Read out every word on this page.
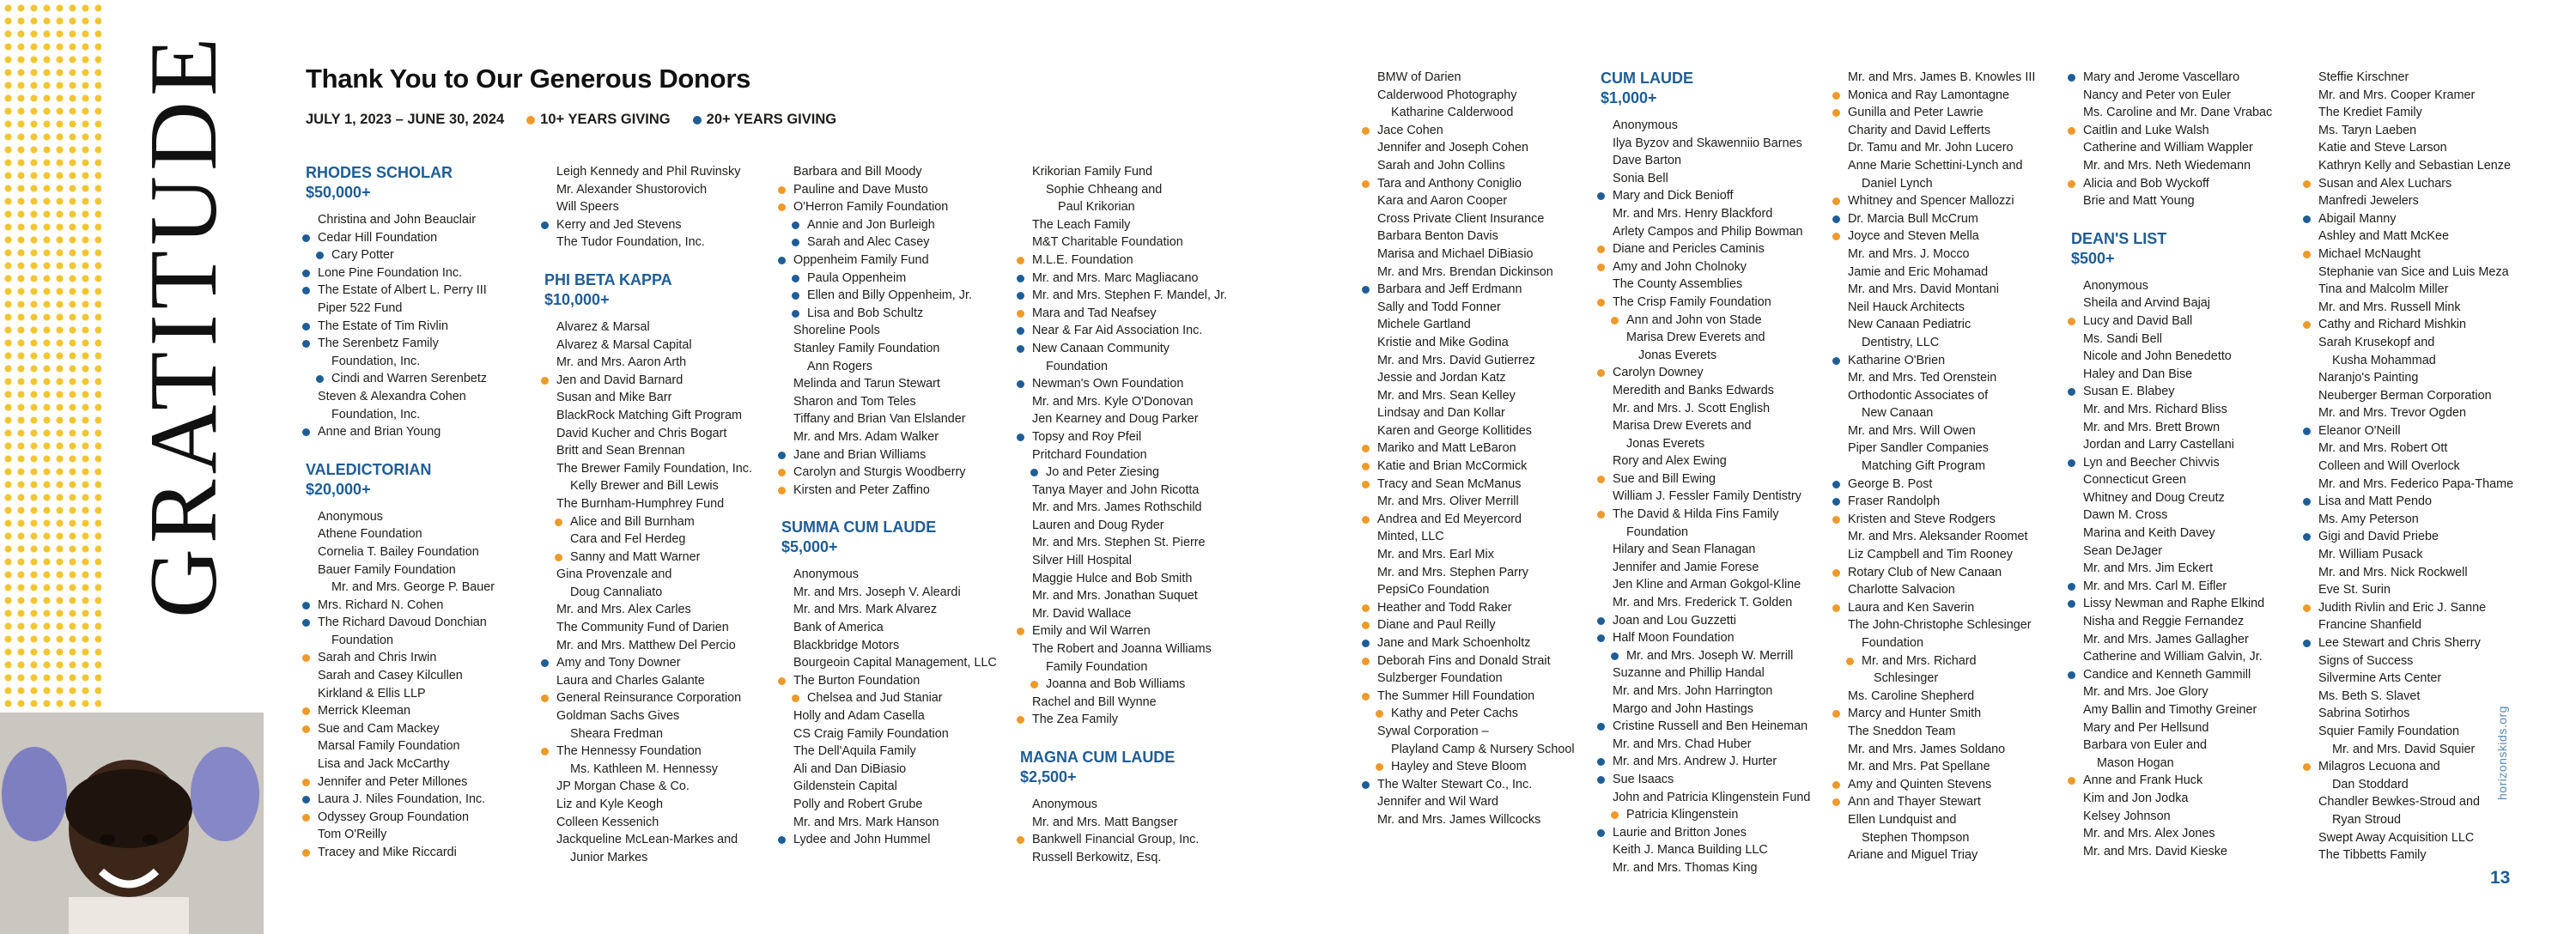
GRATITUDE	Thank You to Our Generous Donors
JULY 1, 2023 – JUNE 30, 2024	10+ YEARS GIVING	20+ YEARS GIVING
RHODES SCHOLAR
$50,000+
Christina and John Beauclair
Cedar Hill Foundation
Cary Potter
Lone Pine Foundation Inc.
The Estate of Albert L. Perry III
Piper 522 Fund
The Estate of Tim Rivlin
The Serenbetz Family
Foundation, Inc.
Cindi and Warren Serenbetz
Steven & Alexandra Cohen
Foundation, Inc.
Anne and Brian Young
VALEDICTORIAN
$20,000+
Anonymous
Athene Foundation
Cornelia T. Bailey Foundation
Bauer Family Foundation
Mr. and Mrs. George P. Bauer
Mrs. Richard N. Cohen
The Richard Davoud Donchian
Foundation
Sarah and Chris Irwin
Sarah and Casey Kilcullen
Kirkland & Ellis LLP
Merrick Kleeman
Sue and Cam Mackey
Marsal Family Foundation
Lisa and Jack McCarthy
Jennifer and Peter Millones
Laura J. Niles Foundation, Inc.
Odyssey Group Foundation
Tom O'Reilly
Tracey and Mike Riccardi
Leigh Kennedy and Phil Ruvinsky
Mr. Alexander Shustorovich
Will Speers
Kerry and Jed Stevens
The Tudor Foundation, Inc.
PHI BETA KAPPA
$10,000+
Alvarez & Marsal
Alvarez & Marsal Capital
Mr. and Mrs. Aaron Arth
Jen and David Barnard
Susan and Mike Barr
BlackRock Matching Gift Program
David Kucher and Chris Bogart
Britt and Sean Brennan
The Brewer Family Foundation, Inc.
Kelly Brewer and Bill Lewis
The Burnham-Humphrey Fund
Alice and Bill Burnham
Cara and Fel Herdeg
Sanny and Matt Warner
Gina Provenzale and
Doug Cannaliato
Mr. and Mrs. Alex Carles
The Community Fund of Darien
Mr. and Mrs. Matthew Del Percio
Amy and Tony Downer
Laura and Charles Galante
General Reinsurance Corporation
Goldman Sachs Gives
Sheara Fredman
The Hennessy Foundation
Ms. Kathleen M. Hennessy
JP Morgan Chase & Co.
Liz and Kyle Keogh
Colleen Kessenich
Jackqueline McLean-Markes and
Junior Markes
Barbara and Bill Moody
Pauline and Dave Musto
O'Herron Family Foundation
Annie and Jon Burleigh
Sarah and Alec Casey
Oppenheim Family Fund
Paula Oppenheim
Ellen and Billy Oppenheim, Jr.
Lisa and Bob Schultz
Shoreline Pools
Stanley Family Foundation
Ann Rogers
Melinda and Tarun Stewart
Sharon and Tom Teles
Tiffany and Brian Van Elslander
Mr. and Mrs. Adam Walker
Jane and Brian Williams
Carolyn and Sturgis Woodberry
Kirsten and Peter Zaffino
SUMMA CUM LAUDE
$5,000+
Anonymous
Mr. and Mrs. Joseph V. Aleardi
Mr. and Mrs. Mark Alvarez
Bank of America
Blackbridge Motors
Bourgeoin Capital Management, LLC
The Burton Foundation
Chelsea and Jud Staniar
Holly and Adam Casella
CS Craig Family Foundation
The Dell'Aquila Family
Ali and Dan DiBiasio
Gildenstein Capital
Polly and Robert Grube
Mr. and Mrs. Mark Hanson
Lydee and John Hummel
Krikorian Family Fund
Sophie Chheang and
Paul Krikorian
The Leach Family
M&T Charitable Foundation
M.L.E. Foundation
Mr. and Mrs. Marc Magliacano
Mr. and Mrs. Stephen F. Mandel, Jr.
Mara and Tad Neafsey
Near & Far Aid Association Inc.
New Canaan Community
Foundation
Newman's Own Foundation
Mr. and Mrs. Kyle O'Donovan
Jen Kearney and Doug Parker
Topsy and Roy Pfeil
Pritchard Foundation
Jo and Peter Ziesing
Tanya Mayer and John Ricotta
Mr. and Mrs. James Rothschild
Lauren and Doug Ryder
Mr. and Mrs. Stephen St. Pierre
Silver Hill Hospital
Maggie Hulce and Bob Smith
Mr. and Mrs. Jonathan Suquet
Mr. David Wallace
Emily and Wil Warren
The Robert and Joanna Williams
Family Foundation
Joanna and Bob Williams
Rachel and Bill Wynne
The Zea Family
MAGNA CUM LAUDE
$2,500+
Anonymous
Mr. and Mrs. Matt Bangser
Bankwell Financial Group, Inc.
Russell Berkowitz, Esq.
BMW of Darien
Calderwood Photography
Katharine Calderwood
Jace Cohen
Jennifer and Joseph Cohen
Sarah and John Collins
Tara and Anthony Coniglio
Kara and Aaron Cooper
Cross Private Client Insurance
Barbara Benton Davis
Marisa and Michael DiBiasio
Mr. and Mrs. Brendan Dickinson
Barbara and Jeff Erdmann
Sally and Todd Fonner
Michele Gartland
Kristie and Mike Godina
Mr. and Mrs. David Gutierrez
Jessie and Jordan Katz
Mr. and Mrs. Sean Kelley
Lindsay and Dan Kollar
Karen and George Kollitides
Mariko and Matt LeBaron
Katie and Brian McCormick
Tracy and Sean McManus
Mr. and Mrs. Oliver Merrill
Andrea and Ed Meyercord
Minted, LLC
Mr. and Mrs. Earl Mix
Mr. and Mrs. Stephen Parry
PepsiCo Foundation
Heather and Todd Raker
Diane and Paul Reilly
Jane and Mark Schoenholtz
Deborah Fins and Donald Strait
Sulzberger Foundation
The Summer Hill Foundation
Kathy and Peter Cachs
Sywal Corporation –
Playland Camp & Nursery School
Hayley and Steve Bloom
The Walter Stewart Co., Inc.
Jennifer and Wil Ward
Mr. and Mrs. James Willcocks
CUM LAUDE
$1,000+
Anonymous
Ilya Byzov and Skawenniio Barnes
Dave Barton
Sonia Bell
Mary and Dick Benioff
Mr. and Mrs. Henry Blackford
Arlety Campos and Philip Bowman
Diane and Pericles Caminis
Amy and John Cholnoky
The County Assemblies
The Crisp Family Foundation
Ann and John von Stade
Marisa Drew Everets and
Jonas Everets
Carolyn Downey
Meredith and Banks Edwards
Mr. and Mrs. J. Scott English
Marisa Drew Everets and
Jonas Everets
Rory and Alex Ewing
Sue and Bill Ewing
William J. Fessler Family Dentistry
The David & Hilda Fins Family
Foundation
Hilary and Sean Flanagan
Jennifer and Jamie Forese
Jen Kline and Arman Gokgol-Kline
Mr. and Mrs. Frederick T. Golden
Joan and Lou Guzzetti
Half Moon Foundation
Mr. and Mrs. Joseph W. Merrill
Suzanne and Phillip Handal
Mr. and Mrs. John Harrington
Margo and John Hastings
Cristine Russell and Ben Heineman
Mr. and Mrs. Chad Huber
Mr. and Mrs. Andrew J. Hurter
Sue Isaacs
John and Patricia Klingenstein Fund
Patricia Klingenstein
Laurie and Britton Jones
Keith J. Manca Building LLC
Mr. and Mrs. Thomas King
Mr. and Mrs. James B. Knowles III
Monica and Ray Lamontagne
Gunilla and Peter Lawrie
Charity and David Lefferts
Dr. Tamu and Mr. John Lucero
Anne Marie Schettini-Lynch and
Daniel Lynch
Whitney and Spencer Mallozzi
Dr. Marcia Bull McCrum
Joyce and Steven Mella
Mr. and Mrs. J. Mocco
Jamie and Eric Mohamad
Mr. and Mrs. David Montani
Neil Hauck Architects
New Canaan Pediatric
Dentistry, LLC
Katharine O'Brien
Mr. and Mrs. Ted Orenstein
Orthodontic Associates of
New Canaan
Mr. and Mrs. Will Owen
Piper Sandler Companies
Matching Gift Program
George B. Post
Fraser Randolph
Kristen and Steve Rodgers
Mr. and Mrs. Aleksander Roomet
Liz Campbell and Tim Rooney
Rotary Club of New Canaan
Charlotte Salvacion
Laura and Ken Saverin
The John-Christophe Schlesinger
Foundation
Mr. and Mrs. Richard
Schlesinger
Ms. Caroline Shepherd
Marcy and Hunter Smith
The Sneddon Team
Mr. and Mrs. James Soldano
Mr. and Mrs. Pat Spellane
Amy and Quinten Stevens
Ann and Thayer Stewart
Ellen Lundquist and
Stephen Thompson
Ariane and Miguel Triay
Mary and Jerome Vascellaro
Nancy and Peter von Euler
Ms. Caroline and Mr. Dane Vrabac
Caitlin and Luke Walsh
Catherine and William Wappler
Mr. and Mrs. Neth Wiedemann
Alicia and Bob Wyckoff
Brie and Matt Young
DEAN'S LIST
$500+
Anonymous
Sheila and Arvind Bajaj
Lucy and David Ball
Ms. Sandi Bell
Nicole and John Benedetto
Haley and Dan Bise
Susan E. Blabey
Mr. and Mrs. Richard Bliss
Mr. and Mrs. Brett Brown
Jordan and Larry Castellani
Lyn and Beecher Chivvis
Connecticut Green
Whitney and Doug Creutz
Dawn M. Cross
Marina and Keith Davey
Sean DeJager
Mr. and Mrs. Jim Eckert
Mr. and Mrs. Carl M. Eifler
Lissy Newman and Raphe Elkind
Nisha and Reggie Fernandez
Mr. and Mrs. James Gallagher
Catherine and William Galvin, Jr.
Candice and Kenneth Gammill
Mr. and Mrs. Joe Glory
Amy Ballin and Timothy Greiner
Mary and Per Hellsund
Barbara von Euler and
Mason Hogan
Anne and Frank Huck
Kim and Jon Jodka
Kelsey Johnson
Mr. and Mrs. Alex Jones
Mr. and Mrs. David Kieske
Steffie Kirschner
Mr. and Mrs. Cooper Kramer
The Krediet Family
Ms. Taryn Laeben
Katie and Steve Larson
Kathryn Kelly and Sebastian Lenze
Susan and Alex Luchars
Manfredi Jewelers
Abigail Manny
Ashley and Matt McKee
Michael McNaught
Stephanie van Sice and Luis Meza
Tina and Malcolm Miller
Mr. and Mrs. Russell Mink
Cathy and Richard Mishkin
Sarah Krusekopf and
Kusha Mohammad
Naranjo's Painting
Neuberger Berman Corporation
Mr. and Mrs. Trevor Ogden
Eleanor O'Neill
Mr. and Mrs. Robert Ott
Colleen and Will Overlock
Mr. and Mrs. Federico Papa-Thame
Lisa and Matt Pendo
Ms. Amy Peterson
Gigi and David Priebe
Mr. William Pusack
Mr. and Mrs. Nick Rockwell
Eve St. Surin
Judith Rivlin and Eric J. Sanne
Francine Shanfield
Lee Stewart and Chris Sherry
Signs of Success
Silvermine Arts Center
Ms. Beth S. Slavet
Sabrina Sotirhos
Squier Family Foundation
Mr. and Mrs. David Squier
Milagros Lecuona and
Dan Stoddard
Chandler Bewkes-Stroud and
Ryan Stroud
Swept Away Acquisition LLC
The Tibbetts Family
horizonskids.org
13
